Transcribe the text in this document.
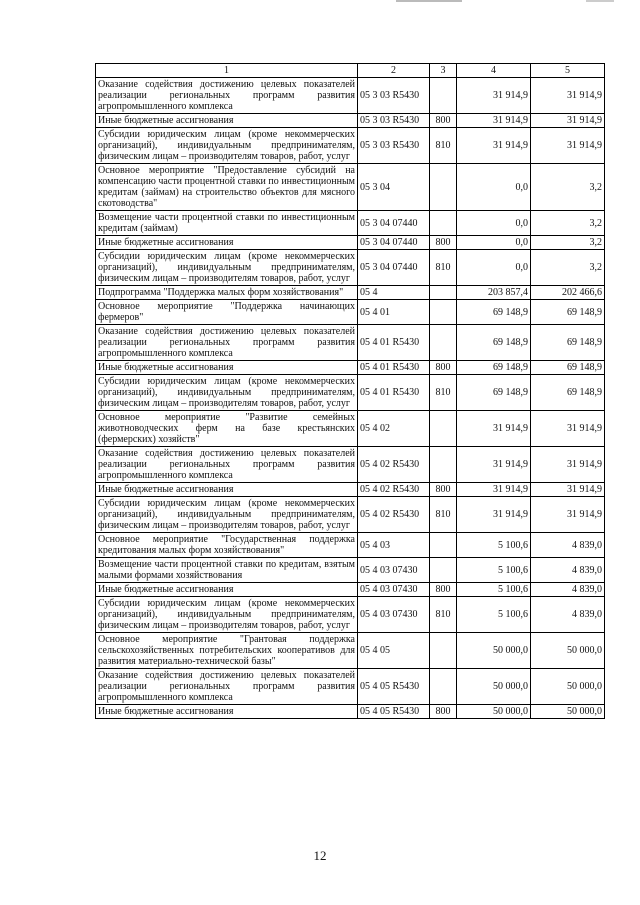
1	2	3	4	5
Оказание содействия достижению целевых показателей реализации региональных программ развития агропромышленного комплекса	05 3 03 R5430		31 914,9	31 914,9
Иные бюджетные ассигнования	05 3 03 R5430	800	31 914,9	31 914,9
Субсидии юридическим лицам (кроме некоммерческих организаций), индивидуальным предпринимателям, физическим лицам – производителям товаров, работ, услуг	05 3 03 R5430	810	31 914,9	31 914,9
Основное мероприятие "Предоставление субсидий на компенсацию части процентной ставки по инвестиционным кредитам (займам) на строительство объектов для мясного скотоводства"	05 3 04		0,0	3,2
Возмещение части процентной ставки по инвестиционным кредитам (займам)	05 3 04 07440		0,0	3,2
Иные бюджетные ассигнования	05 3 04 07440	800	0,0	3,2
Субсидии юридическим лицам (кроме некоммерческих организаций), индивидуальным предпринимателям, физическим лицам – производителям товаров, работ, услуг	05 3 04 07440	810	0,0	3,2
Подпрограмма "Поддержка малых форм хозяйствования"	05 4		203 857,4	202 466,6
Основное мероприятие "Поддержка начинающих фермеров"	05 4 01		69 148,9	69 148,9
Оказание содействия достижению целевых показателей реализации региональных программ развития агропромышленного комплекса	05 4 01 R5430		69 148,9	69 148,9
Иные бюджетные ассигнования	05 4 01 R5430	800	69 148,9	69 148,9
Субсидии юридическим лицам (кроме некоммерческих организаций), индивидуальным предпринимателям, физическим лицам – производителям товаров, работ, услуг	05 4 01 R5430	810	69 148,9	69 148,9
Основное мероприятие "Развитие семейных животноводческих ферм на базе крестьянских (фермерских) хозяйств"	05 4 02		31 914,9	31 914,9
Оказание содействия достижению целевых показателей реализации региональных программ развития агропромышленного комплекса	05 4 02 R5430		31 914,9	31 914,9
Иные бюджетные ассигнования	05 4 02 R5430	800	31 914,9	31 914,9
Субсидии юридическим лицам (кроме некоммерческих организаций), индивидуальным предпринимателям, физическим лицам – производителям товаров, работ, услуг	05 4 02 R5430	810	31 914,9	31 914,9
Основное мероприятие "Государственная поддержка кредитования малых форм хозяйствования"	05 4 03		5 100,6	4 839,0
Возмещение части процентной ставки по кредитам, взятым малыми формами хозяйствования	05 4 03 07430		5 100,6	4 839,0
Иные бюджетные ассигнования	05 4 03 07430	800	5 100,6	4 839,0
Субсидии юридическим лицам (кроме некоммерческих организаций), индивидуальным предпринимателям, физическим лицам – производителям товаров, работ, услуг	05 4 03 07430	810	5 100,6	4 839,0
Основное мероприятие "Грантовая поддержка сельскохозяйственных потребительских кооперативов для развития материально-технической базы"	05 4 05		50 000,0	50 000,0
Оказание содействия достижению целевых показателей реализации региональных программ развития агропромышленного комплекса	05 4 05 R5430		50 000,0	50 000,0
Иные бюджетные ассигнования	05 4 05 R5430	800	50 000,0	50 000,0
12
